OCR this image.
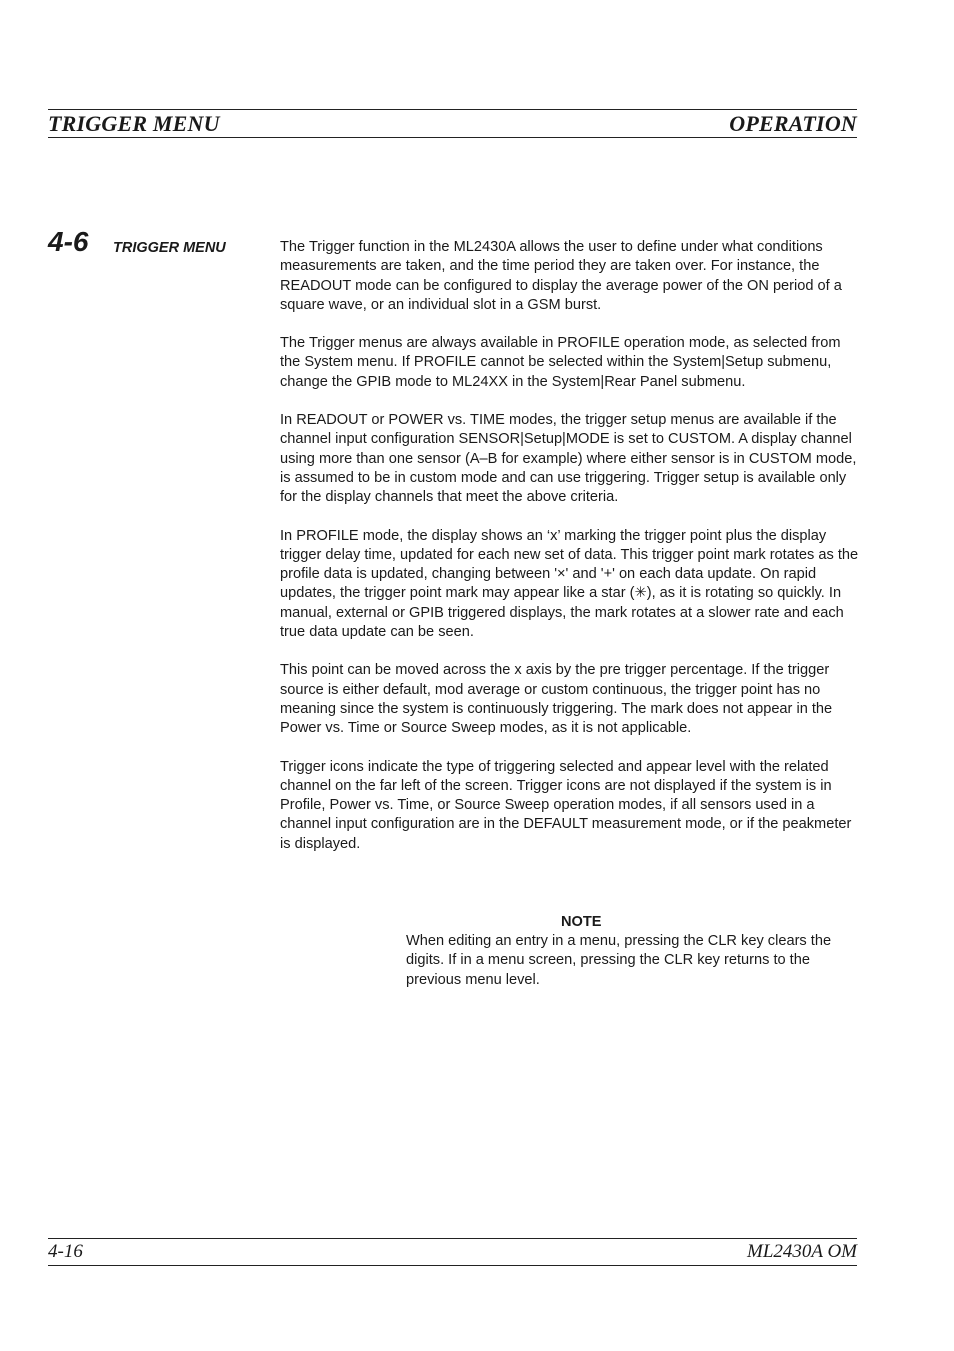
TRIGGER MENU	OPERATION
4-6 TRIGGER MENU	The Trigger function in the ML2430A allows the user to define under what conditions measurements are taken, and the time period they are taken over. For instance, the READOUT mode can be configured to display the average power of the ON period of a square wave, or an individual slot in a GSM burst.

The Trigger menus are always available in PROFILE operation mode, as selected from the System menu. If PROFILE cannot be selected within the System|Setup submenu, change the GPIB mode to ML24XX in the System|Rear Panel submenu.

In READOUT or POWER vs. TIME modes, the trigger setup menus are available if the channel input configuration SENSOR|Setup|MODE is set to CUSTOM. A display channel using more than one sensor (A–B for example) where either sensor is in CUSTOM mode, is assumed to be in custom mode and can use triggering. Trigger setup is available only for the display channels that meet the above criteria.

In PROFILE mode, the display shows an ‘x’ marking the trigger point plus the display trigger delay time, updated for each new set of data. This trigger point mark rotates as the profile data is updated, changing between '×' and '+' on each data update. On rapid updates, the trigger point mark may appear like a star (✳), as it is rotating so quickly. In manual, external or GPIB triggered displays, the mark rotates at a slower rate and each true data update can be seen.

This point can be moved across the x axis by the pre trigger percentage. If the trigger source is either default, mod average or custom continuous, the trigger point has no meaning since the system is continuously triggering. The mark does not appear in the Power vs. Time or Source Sweep modes, as it is not applicable.

Trigger icons indicate the type of triggering selected and appear level with the related channel on the far left of the screen. Trigger icons are not displayed if the system is in Profile, Power vs. Time, or Source Sweep operation modes, if all sensors used in a channel input configuration are in the DEFAULT measurement mode, or if the peakmeter is displayed.

NOTE
When editing an entry in a menu, pressing the CLR key clears the digits. If in a menu screen, pressing the CLR key returns to the previous menu level.
4-16	ML2430A OM
